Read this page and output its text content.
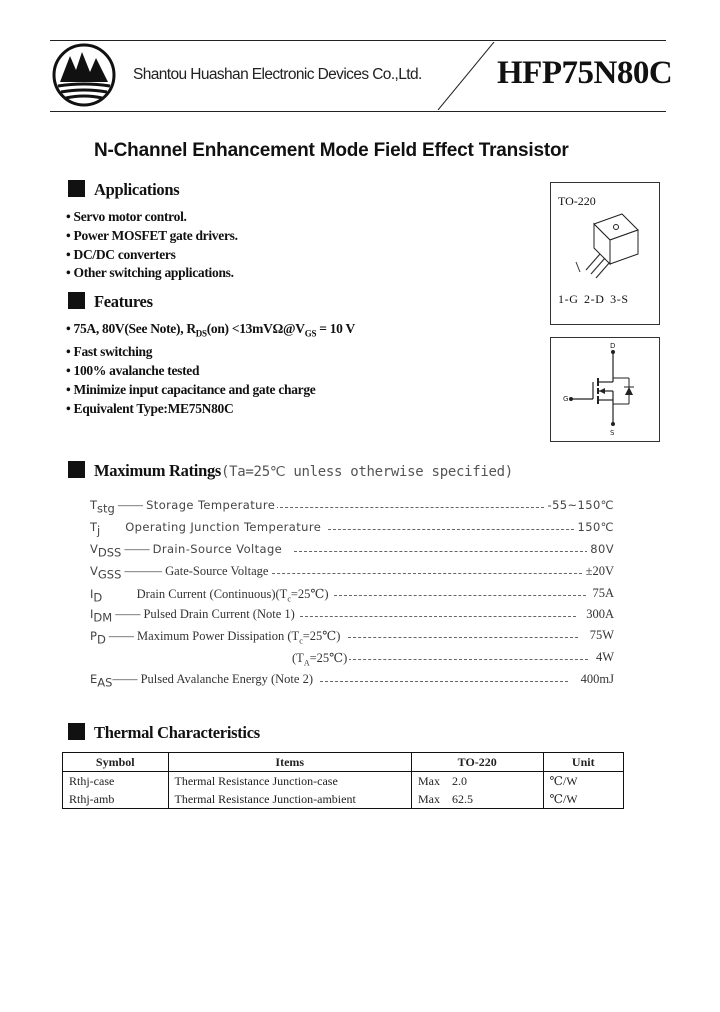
Shantou Huashan Electronic Devices Co.,Ltd. HFP75N80C
N-Channel Enhancement Mode Field Effect Transistor
Applications
• Servo motor control.
• Power MOSFET gate drivers.
• DC/DC converters
• Other switching applications.
Features
• 75A, 80V(See Note), $R_{DS}(on)$ $<13mV\Omega@V_{GS} = 10$ V
• Fast switching
• 100% avalanche tested
• Minimize input capacitance and gate charge
• Equivalent Type:ME75N80C
TO-220
1-G 2-D 3-S
D
G
S
Maximum Ratings(Ta=25℃ unless otherwise specified)
$T_{stg}$ —— Storage Temperature	-55~150℃
$T_j$ Operating Junction Temperature	150℃
$V_{DSS}$ —— Drain-Source Voltage	80V
$V_{GSS}$ ——— Gate-Source Voltage	±20V
$I_D$	Drain Current $(Continuous)(T_c=25℃)$	75A
$I_{DM}$ —— Pulsed Drain Current (Note 1)	300A
$P_D$ —— Maximum Power Dissipation $(T_c=25℃)$	75W
$(T_A=25℃)$	4W
$E_{AS}——$ Pulsed Avalanche Energy (Note 2)	400mJ
Thermal Characteristics
Symbol	Items	TO-220	Unit
Rthj-case	Thermal Resistance Junction-case	Max 2.0	℃/W
Rthj-amb	Thermal Resistance Junction-ambient	Max 62.5	℃/W
